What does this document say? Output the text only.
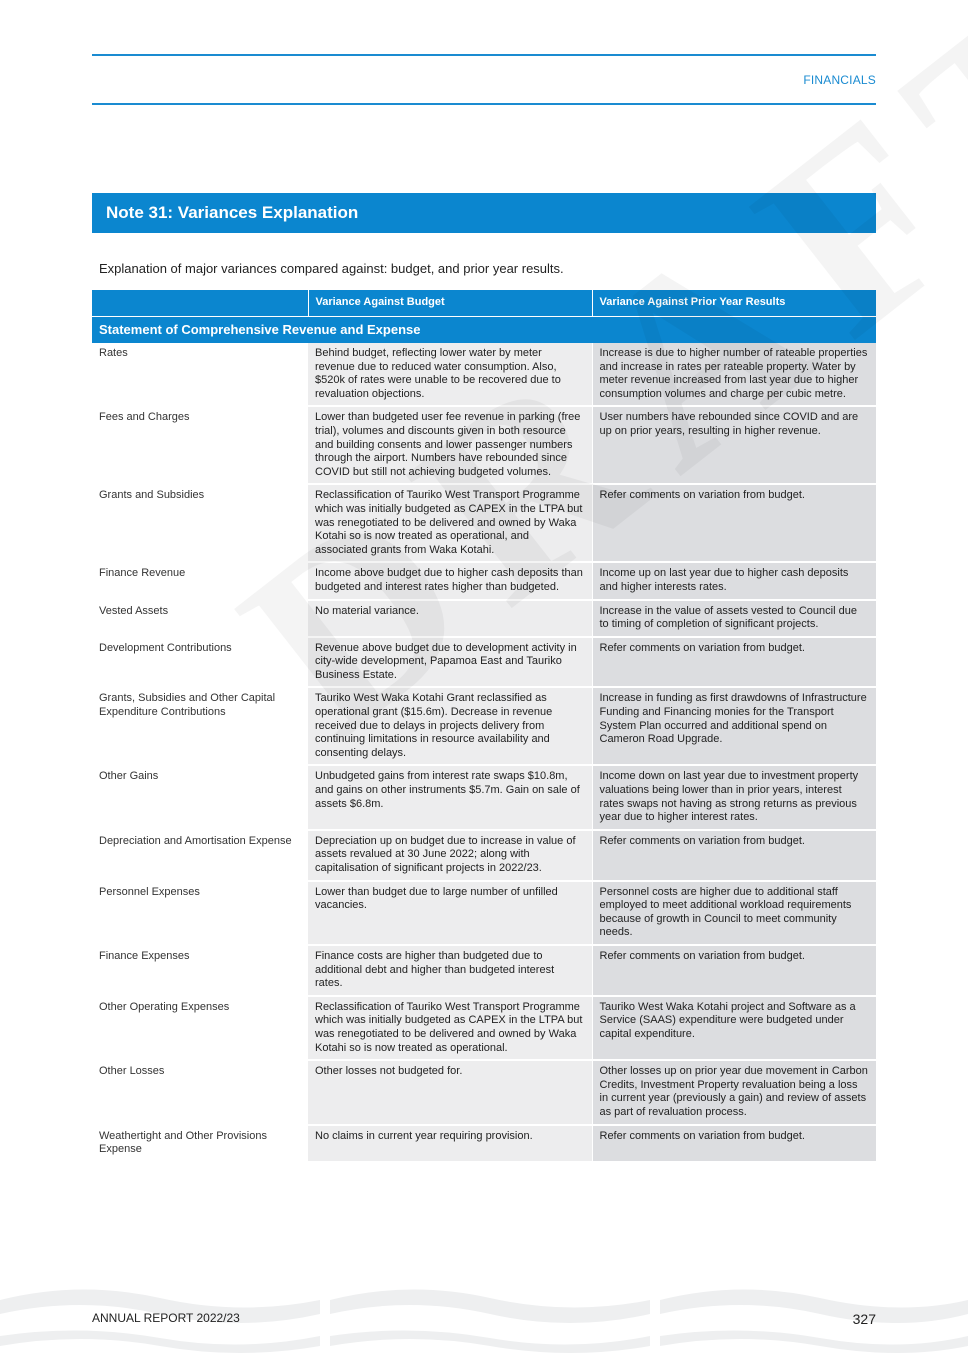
FINANCIALS
Note 31: Variances Explanation
Explanation of major variances compared against: budget, and prior year results.
	Variance Against Budget	Variance Against Prior Year Results
Statement of Comprehensive Revenue and Expense		
Rates	Behind budget, reflecting lower water by meter revenue due to reduced water consumption. Also, $520k of rates were unable to be recovered due to revaluation objections.	Increase is due to higher number of rateable properties and increase in rates per rateable property. Water by meter revenue increased from last year due to higher consumption volumes and charge per cubic metre.
Fees and Charges	Lower than budgeted user fee revenue in parking (free trial), volumes and discounts given in both resource and building consents and lower passenger numbers through the airport. Numbers have rebounded since COVID but still not achieving budgeted volumes.	User numbers have rebounded since COVID and are up on prior years, resulting in higher revenue.
Grants and Subsidies	Reclassification of Tauriko West Transport Programme which was initially budgeted as CAPEX in the LTPA but was renegotiated to be delivered and owned by Waka Kotahi so is now treated as operational, and associated grants from Waka Kotahi.	Refer comments on variation from budget.
Finance Revenue	Income above budget due to higher cash deposits than budgeted and interest rates higher than budgeted.	Income up on last year due to higher cash deposits and higher interests rates.
Vested Assets	No material variance.	Increase in the value of assets vested to Council due to timing of completion of significant projects.
Development Contributions	Revenue above budget due to development activity in city-wide development, Papamoa East and Tauriko Business Estate.	Refer comments on variation from budget.
Grants, Subsidies and Other Capital Expenditure Contributions	Tauriko West Waka Kotahi Grant reclassified as operational grant ($15.6m). Decrease in revenue received due to delays in projects delivery from continuing limitations in resource availability and consenting delays.	Increase in funding as first drawdowns of Infrastructure Funding and Financing monies for the Transport System Plan occurred and additional spend on Cameron Road Upgrade.
Other Gains	Unbudgeted gains from interest rate swaps $10.8m, and gains on other instruments $5.7m. Gain on sale of assets $6.8m.	Income down on last year due to investment property valuations being lower than in prior years, interest rates swaps not having as strong returns as previous year due to higher interest rates.
Depreciation and Amortisation Expense	Depreciation up on budget due to increase in value of assets revalued at 30 June 2022; along with capitalisation of significant projects in 2022/23.	Refer comments on variation from budget.
Personnel Expenses	Lower than budget due to large number of unfilled vacancies.	Personnel costs are higher due to additional staff employed to meet additional workload requirements because of growth in Council to meet community needs.
Finance Expenses	Finance costs are higher than budgeted due to additional debt and higher than budgeted interest rates.	Refer comments on variation from budget.
Other Operating Expenses	Reclassification of Tauriko West Transport Programme which was initially budgeted as CAPEX in the LTPA but was renegotiated to be delivered and owned by Waka Kotahi so is now treated as operational.	Tauriko West Waka Kotahi project and Software as a Service (SAAS) expenditure were budgeted under capital expenditure.
Other Losses	Other losses not budgeted for.	Other losses up on prior year due movement in Carbon Credits, Investment Property revaluation being a loss in current year (previously a gain) and review of assets as part of revaluation process.
Weathertight and Other Provisions Expense	No claims in current year requiring provision.	Refer comments on variation from budget.
ANNUAL REPORT 2022/23	327
